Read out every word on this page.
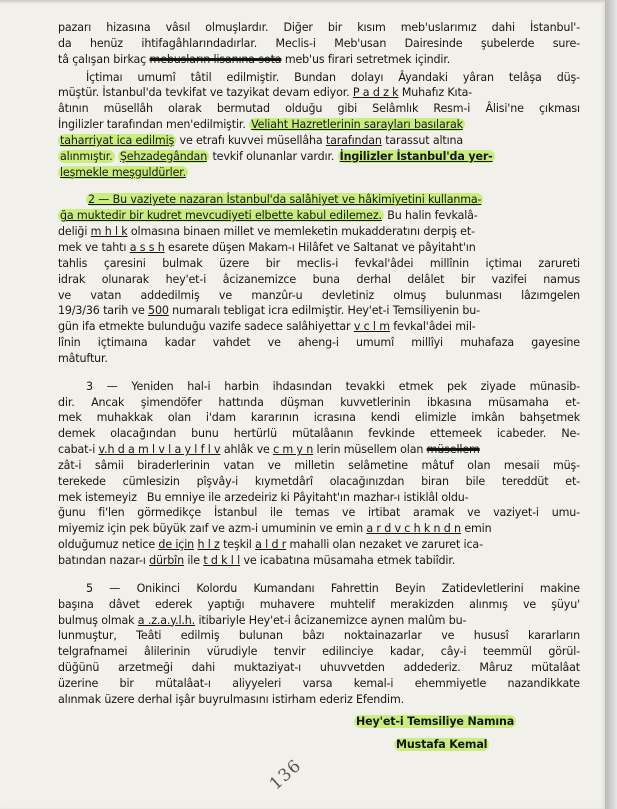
pazarı hizasına vâsıl olmuşlardır. Diğer bir kısım meb'uslarımız dahi İstanbul'-
da henüz ihtifagâhlarındadırlar. Meclis-i Meb'usan Dairesinde şubelerde sure-
tâ çalışan birkaç mebusların lisanına sota meb'us firari setretmek içindir.
İçtimaı umumî tâtil edilmiştir. Bundan dolayı Âyandaki yâran telâşa düş-
müştür. İstanbul'da tevkifat ve tazyikat devam ediyor. P a d z k Muhafız Kıta-
âtının müsellâh olarak bermutad olduğu gibi Selâmlık Resm-i Âlisi'ne çıkması
İngilizler tarafından men'edilmiştir. Veliaht Hazretlerinin sarayları basılarak
taharriyat ica edilmiş ve etrafı kuvvei müsellâha tarafından tarassut altına
alınmıştır. Şehzadegândan tevkif olunanlar vardır. İngilizler İstanbul'da yer-
leşmekle meşguldürler.
2 — Bu vaziyete nazaran İstanbul'da salâhiyet ve hâkimiyetini kullanma-
ğa muktedir bir kudret mevcudiyeti elbette kabul edilemez. Bu halin fevkalâ-
deliği m h l k olmasına binaen millet ve memleketin mukadderatını derpiş et-
mek ve tahtı a s s h esarete düşen Makam-ı Hilâfet ve Saltanat ve pâyitaht'ın
tahlis çaresini bulmak üzere bir meclis-i fevkal'âdei millînin içtimaı zarureti
idrak olunarak hey'et-i âcizanemizce buna derhal delâlet bir vazifei namus
ve vatan addedilmiş ve manzûr-u devletiniz olmuş bulunması lâzımgelen
19/3/36 tarih ve 500 numaralı tebligat icra edilmiştir. Hey'et-i Temsiliyenin bu-
gün ifa etmekte bulunduğu vazife sadece salâhiyettar v c l m fevkal'âdei mil-
lînin içtimaına kadar vahdet ve aheng-i umumî millîyi muhafaza gayesine
mâtuftur.
3 — Yeniden hal-i harbin ihdasından tevakki etmek pek ziyade münasib-
dir. Ancak şimendöfer hattında düşman kuvvetlerinin ibkasına müsamaha et-
mek muhakkak olan i'dam kararının icrasına kendi elimizle imkân bahşetmek
demek olacağından bunu hertürlü mütalâanın fevkinde ettemeek icabeder. Ne-
cabat-i v.h d a m l v l a y l f l v ahlâk ve c m y n lerin müsellem olan müsellem
zât-i sâmii biraderlerinin vatan ve milletin selâmetine mâtuf olan mesaii müş-
terekede cümlesizin pîşvây-i kıymetdârî olacağınızdan biran bile tereddüt et-
mek istemeyiz Bu emniye ile arzedeiriz ki Pâyitaht'ın mazhar-ı istiklâl oldu-
ğunu fi'len görmedikçe İstanbul ile temas ve irtibat aramak ve vaziyet-i umu-
miyemiz için pek büyük zaıf ve azm-i umuminin ve emin a r d v c h k n d n emin
olduğumuz netice de için h l z teşkil a l d r mahalli olan nezaket ve zaruret ica-
batından nazar-ı dürbîn ile t d k l l ve icabatına müsamaha etmek tabiîdir.
5 — Onikinci Kolordu Kumandanı Fahrettin Beyin Zatidevletlerini makine
başına dâvet ederek yaptığı muhavere muhtelif merakizden alınmış ve şüyu'
bulmuş olmak a .z.a.y.l.h. itibariyle Hey'et-i âcizanemizce aynen malûm bu-
lunmuştur, Teâti edilmiş bulunan bâzı noktainazarlar ve hususî kararların
telgrafnamei âlilerinin vürudiyle tenvir edilinciye kadar, cây-i teemmül görül-
düğünü arzetmeği dahi muktaziyat-ı uhuvvetden addederiz. Mâruz mütalâat
üzerine bir mütalâat-ı aliyyeleri varsa kemal-i ehemmiyetle nazandikkate
alınmak üzere derhal işâr buyrulmasını istirham ederiz Efendim.
Hey'et-i Temsiliye Namına
Mustafa Kemal
136
